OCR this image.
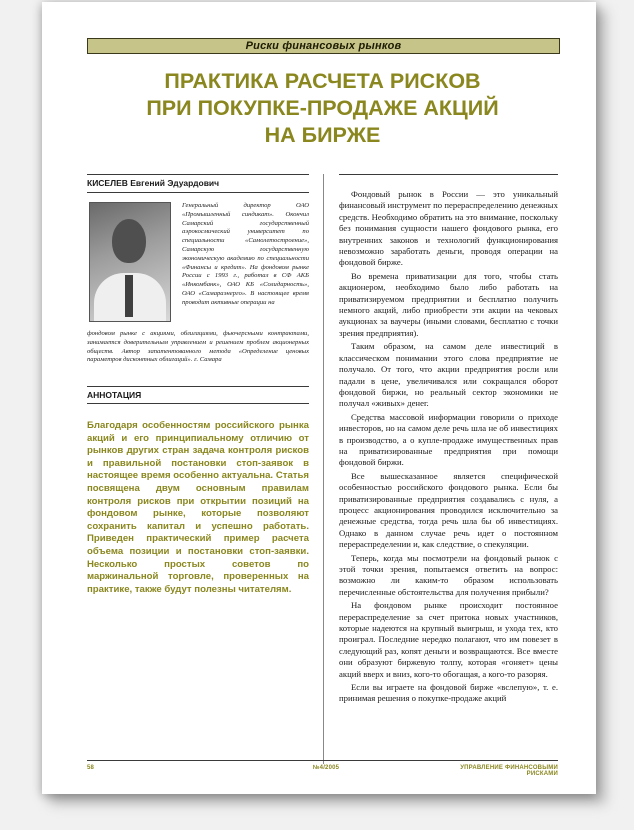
Риски финансовых рынков
ПРАКТИКА РАСЧЕТА РИСКОВ
ПРИ ПОКУПКЕ-ПРОДАЖЕ АКЦИЙ
НА БИРЖЕ
КИСЕЛЕВ Евгений Эдуардович
Генеральный директор ОАО «Промышленный синдикат». Окончил Самарский государственный аэрокосмический университет по специальности «Самолетостроение», Самарскую государственную экономическую академию по специальности «Финансы и кредит». На фондовом рынке России с 1993 г., работал в СФ АКБ «Инкомбанк», ОАО КБ «Солидарность», ОАО «Самараэнерго». В настоящее время проводит активные операции на
фондовом рынке с акциями, облигациями, фьючерсными контрактами, занимается доверительным управлением и решением проблем акционерных обществ. Автор запатентованного метода «Определение ценовых параметров дисконтных облигаций». г. Самара
АННОТАЦИЯ
Благодаря особенностям российского рынка акций и его принципиальному отличию от рынков других стран задача контроля рисков и правильной постановки стоп-заявок в настоящее время особенно актуальна. Статья посвящена двум основным правилам контроля рисков при открытии позиций на фондовом рынке, которые позволяют сохранить капитал и успешно работать. Приведен практический пример расчета объема позиции и постановки стоп-заявки. Несколько простых советов по маржинальной торговле, проверенных на практике, также будут полезны читателям.

Фондовый рынок в России — это уникальный финансовый инструмент по перераспределению денежных средств. Необходимо обратить на это внимание, поскольку без понимания сущности нашего фондового рынка, его внутренних законов и технологий функционирования невозможно заработать деньги, проводя операции на фондовой бирже.

Во времена приватизации для того, чтобы стать акционером, необходимо было либо работать на приватизируемом предприятии и бесплатно получить немного акций, либо приобрести эти акции на чековых аукционах за ваучеры (иными словами, бесплатно с точки зрения предприятия).

Таким образом, на самом деле инвестиций в классическом понимании этого слова предприятие не получало. От того, что акции предприятия росли или падали в цене, увеличивался или сокращался оборот фондовой биржи, но реальный сектор экономики не получал «живых» денег.

Средства массовой информации говорили о приходе инвесторов, но на самом деле речь шла не об инвестициях в производство, а о купле-продаже имущественных прав на приватизированные предприятия при помощи фондовой биржи.

Все вышесказанное является специфической особенностью российского фондового рынка. Если бы приватизированные предприятия создавались с нуля, а процесс акционирования проводился исключительно за денежные средства, тогда речь шла бы об инвестициях. Однако в данном случае речь идет о постоянном перераспределении и, как следствие, о спекуляции.

Теперь, когда мы посмотрели на фондовый рынок с этой точки зрения, попытаемся ответить на вопрос: возможно ли каким-то образом использовать перечисленные обстоятельства для получения прибыли?

На фондовом рынке происходит постоянное перераспределение за счет притока новых участников, которые надеются на крупный выигрыш, и ухода тех, кто проиграл. Последние нередко полагают, что им повезет в следующий раз, копят деньги и возвращаются. Все вместе они образуют биржевую толпу, которая «гоняет» цены акций вверх и вниз, кого-то обогащая, а кого-то разоряя.

Если вы играете на фондовой бирже «вслепую», т. е. принимая решения о покупке-продаже акций

58	№4/2005	УПРАВЛЕНИЕ ФИНАНСОВЫМИ РИСКАМИ
